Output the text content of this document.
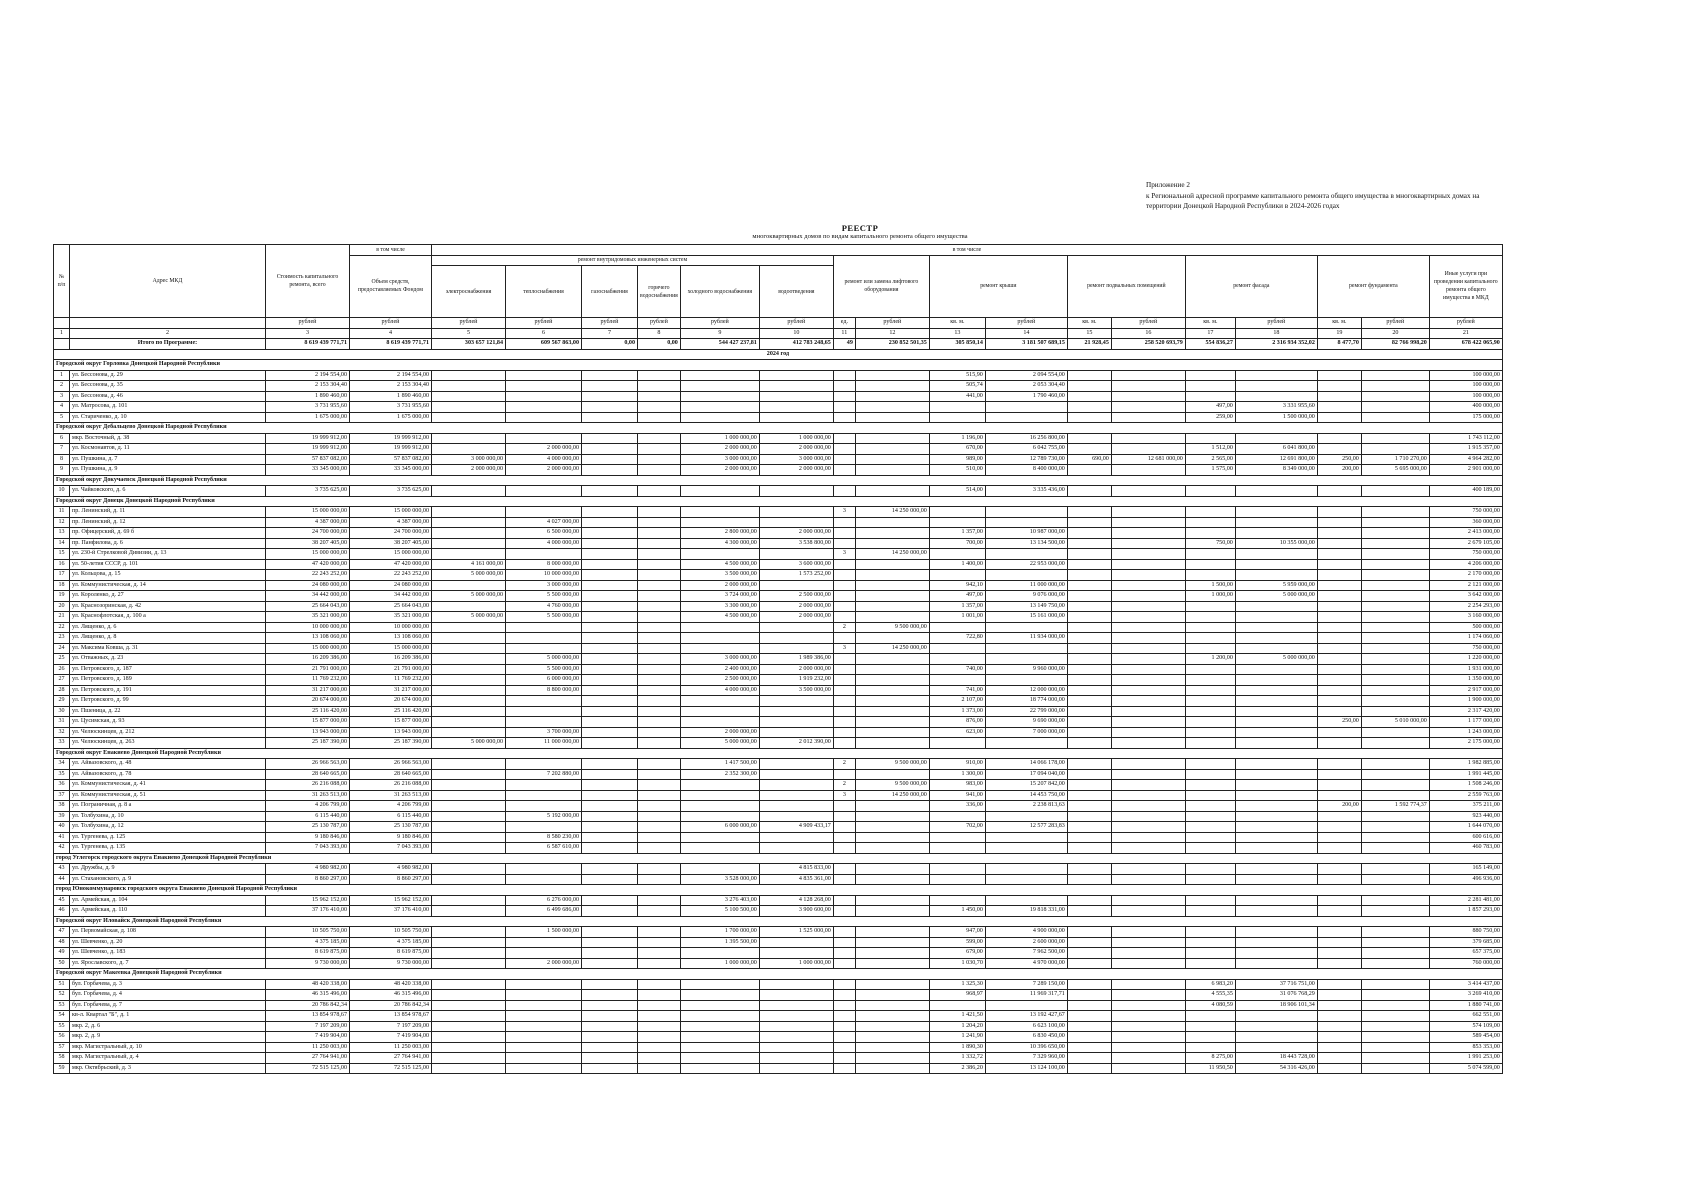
Приложение 2
к Региональной адресной программе капитального ремонта общего имущества в многоквартирных домах на
территории Донецкой Народной Республики в 2024-2026 годах
РЕЕСТР
многоквартирных домов по видам капитального ремонта общего имущества
№ п/п	Адрес МКД	Стоимость капитального ремонта, всего	в том числе	в том числе																
			Объем средств, предоставляемых Фондом	ремонт внутридомовых инженерных систем						ремонт или замена лифтового оборудования		ремонт крыши		ремонт подвальных помещений		ремонт фасада		ремонт фундамента		Иные услуги при проведении капитального ремонта общего имущества в МКД
				электроснабжения	теплоснабжения	газоснабжения	горячего водоснабжения	холодного водоснабжения	водоотведения											
		рублей	рублей	рублей	рублей	рублей	рублей	рублей	рублей	ед.	рублей	кв. м.	рублей	кв. м.	рублей	кв. м.	рублей	кв. м.	рублей	рублей
1	2	3	4	5	6	7	8	9	10	11	12	13	14	15	16	17	18	19	20	21
	Итого по Программе:	8 619 439 771,71	8 619 439 771,71	303 657 121,84	609 567 863,00	0,00	0,00	544 427 237,81	412 783 248,65	49	230 852 501,35	305 850,14	3 181 507 689,15	21 928,45	258 520 693,79	554 836,27	2 316 934 352,02	8 477,70	82 766 998,20	678 422 065,90
2024 год																				
Городской округ Горловка Донецкой Народной Республики																				
1	ул. Бессонова, д. 29	2 194 554,00	2 194 554,00									515,90	2 094 554,00							100 000,00
2	ул. Бессонова, д. 35	2 153 304,40	2 153 304,40									505,74	2 053 304,40							100 000,00
3	ул. Бессонова, д. 46	1 890 460,00	1 890 460,00									441,00	1 790 460,00							100 000,00
4	ул. Матросова, д. 101	3 731 955,60	3 731 955,60													497,00	3 331 955,60			400 000,00
5	ул. Стариченко, д. 10	1 675 000,00	1 675 000,00													259,00	1 500 000,00			175 000,00
Городской округ Дебальцево Донецкой Народной Республики																				
6	мкр. Восточный, д. 38	19 999 912,00	19 999 912,00					1 000 000,00	1 000 000,00			1 196,00	16 256 800,00							1 743 112,00
7	ул. Космонавтов, д. 11	19 999 912,00	19 999 912,00		2 000 000,00			2 000 000,00	2 000 000,00			670,00	6 042 755,00			1 512,00	6 041 800,00			1 915 357,00
8	ул. Пушкина, д. 7	57 837 082,00	57 837 082,00	3 000 000,00	4 000 000,00			3 000 000,00	3 000 000,00			989,00	12 789 730,00	690,00	12 681 000,00	2 565,00	12 691 800,00	250,00	1 710 270,00	4 964 282,00
9	ул. Пушкина, д. 9	33 345 000,00	33 345 000,00	2 000 000,00	2 000 000,00			2 000 000,00	2 000 000,00			510,00	8 400 000,00			1 575,00	8 349 000,00	200,00	5 695 000,00	2 901 000,00
Городской округ Докучаевск Донецкой Народной Республики																				
10	ул. Чайковского, д. 6	3 735 625,00	3 735 625,00									514,00	3 335 436,00							400 189,00
Городской округ Донецк Донецкой Народной Республики																				
11	пр. Ленинский, д. 11	15 000 000,00	15 000 000,00							3	14 250 000,00									750 000,00
12	пр. Ленинский, д. 12	4 387 000,00	4 387 000,00		4 027 000,00															360 000,00
13	пр. Офицерский, д. 69 б	24 700 000,00	24 700 000,00		6 500 000,00			2 800 000,00	2 000 000,00			1 357,00	10 987 000,00							2 413 000,00
14	пр. Панфилова, д. 6	38 207 405,00	38 207 405,00		4 000 000,00			4 300 000,00	3 538 800,00			700,00	13 134 500,00			750,00	10 355 000,00			2 679 105,00
15	ул. 230-й Стрелковой Дивизии, д. 13	15 000 000,00	15 000 000,00							3	14 250 000,00									750 000,00
16	ул. 50-летия СССР, д. 101	47 420 000,00	47 420 000,00	4 161 000,00	8 000 000,00			4 500 000,00	3 600 000,00			1 400,00	22 953 000,00							4 206 000,00
17	ул. Кольцова, д. 15	22 243 252,00	22 243 252,00	5 000 000,00	10 000 000,00			3 500 000,00	1 573 252,00											2 170 000,00
18	ул. Коммунистическая, д. 14	24 080 000,00	24 080 000,00		3 000 000,00			2 000 000,00				942,10	11 000 000,00			1 500,00	5 959 000,00			2 121 000,00
19	ул. Короленко, д. 27	34 442 000,00	34 442 000,00	5 000 000,00	5 500 000,00			3 724 000,00	2 500 000,00			497,00	9 076 000,00			1 000,00	5 000 000,00			3 642 000,00
20	ул. Краснозоринская, д. 42	25 664 043,00	25 664 043,00		4 760 000,00			3 300 000,00	2 000 000,00			1 357,00	13 149 750,00							2 254 293,00
21	ул. Краснофлотская, д. 100 а	35 321 000,00	35 321 000,00	5 000 000,00	5 500 000,00			4 500 000,00	2 000 000,00			1 001,00	15 161 000,00							3 160 000,00
22	ул. Лященко, д. 6	10 000 000,00	10 000 000,00							2	9 500 000,00									500 000,00
23	ул. Лященко, д. 8	13 108 060,00	13 108 060,00									722,80	11 934 000,00							1 174 060,00
24	ул. Максима Ковша, д. 31	15 000 000,00	15 000 000,00							3	14 250 000,00									750 000,00
25	ул. Отважных, д. 23	16 209 386,00	16 209 386,00		5 000 000,00			3 000 000,00	1 989 386,00							1 200,00	5 000 000,00			1 220 000,00
26	ул. Петровского, д. 187	21 791 000,00	21 791 000,00		5 500 000,00			2 400 000,00	2 000 000,00			740,00	9 960 000,00							1 931 000,00
27	ул. Петровского, д. 189	11 769 232,00	11 769 232,00		6 000 000,00			2 500 000,00	1 919 232,00											1 350 000,00
28	ул. Петровского, д. 191	31 217 000,00	31 217 000,00		8 800 000,00			4 000 000,00	3 500 000,00			741,00	12 000 000,00							2 917 000,00
29	ул. Петровского, д. 99	20 674 000,00	20 674 000,00									2 107,00	18 774 000,00							1 900 000,00
30	ул. Пшеница, д. 22	25 116 420,00	25 116 420,00									1 373,00	22 799 000,00							2 317 420,00
31	ул. Цусимская, д. 93	15 877 000,00	15 877 000,00									876,00	9 690 000,00					250,00	5 010 000,00	1 177 000,00
32	ул. Челюскинцев, д. 212	13 943 000,00	13 943 000,00		3 700 000,00			2 000 000,00				623,00	7 000 000,00							1 243 000,00
33	ул. Челюскинцев, д. 263	25 187 390,00	25 187 390,00	5 000 000,00	11 000 000,00			5 000 000,00	2 012 390,00											2 175 000,00
Городской округ Енакиево Донецкой Народной Республики																				
34	ул. Айвазовского, д. 48	26 966 563,00	26 966 563,00					1 417 500,00		2	9 500 000,00	910,00	14 066 178,00							1 982 885,00
35	ул. Айвазовского, д. 78	28 640 665,00	28 640 665,00		7 202 880,00			2 352 300,00				1 300,00	17 094 040,00							1 991 445,00
36	ул. Коммунистическая, д. 41	26 216 088,00	26 216 088,00							2	9 500 000,00	983,00	15 207 842,00							1 508 246,00
37	ул. Коммунистическая, д. 51	31 263 513,00	31 263 513,00							3	14 250 000,00	941,00	14 453 750,00							2 559 763,00
38	ул. Пограничная, д. 8 а	4 206 799,00	4 206 799,00									336,00	2 238 813,63					200,00	1 592 774,37	375 211,00
39	ул. Толбухина, д. 10	6 115 440,00	6 115 440,00		5 192 000,00															923 440,00
40	ул. Толбухина, д. 12	25 130 787,00	25 130 787,00					6 000 000,00	4 909 433,17			702,00	12 577 283,83							1 644 070,00
41	ул. Тургенева, д. 125	9 180 846,00	9 180 846,00		8 580 230,00															600 616,00
42	ул. Тургенева, д. 135	7 043 393,00	7 043 393,00		6 587 610,00															460 783,00
город Углегорск городского округа Енакиево Донецкой Народной Республики																				
43	ул. Дружбы, д. 9	4 980 982,00	4 980 982,00						4 815 833,00											165 149,00
44	ул. Стахановского, д. 9	8 860 297,00	8 860 297,00					3 528 000,00	4 835 361,00											496 936,00
город Юнокоммунаровск городского округа Енакиево Донецкой Народной Республики																				
45	ул. Армейская, д. 104	15 962 152,00	15 962 152,00		6 276 000,00			3 276 403,00	4 128 268,00											2 281 481,00
46	ул. Армейская, д. 110	37 176 410,00	37 176 410,00		6 499 686,00			5 100 500,00	3 900 600,00			1 450,00	19 818 331,00							1 857 293,00
Городской округ Иловайск Донецкой Народной Республики																				
47	ул. Первомайская, д. 108	10 505 750,00	10 505 750,00		1 500 000,00			1 700 000,00	1 525 000,00			947,00	4 900 000,00							880 750,00
48	ул. Шевченко, д. 20	4 375 185,00	4 375 185,00					1 395 500,00				599,00	2 600 000,00							379 685,00
49	ул. Шевченко, д. 183	8 619 875,00	8 619 875,00									679,00	7 962 500,00							657 375,00
50	ул. Ярославского, д. 7	9 730 000,00	9 730 000,00		2 000 000,00			1 000 000,00	1 000 000,00			1 030,70	4 970 000,00							760 000,00
Городской округ Макеевка Донецкой Народной Республики																				
51	бул. Горбачева, д. 3	48 420 338,00	48 420 338,00									1 325,30	7 289 150,00			6 983,20	37 716 751,00			3 414 437,00
52	бул. Горбачева, д. 4	46 315 496,00	46 315 496,00									968,97	11 969 317,71			4 555,35	31 076 768,29			3 269 410,00
53	бул. Горбачева, д. 7	20 786 842,34	20 786 842,34													4 080,59	18 906 101,34			1 880 741,00
54	кв-л. Квартал "Б", д. 1	13 854 978,67	13 854 978,67									1 421,50	13 192 427,67							662 551,00
55	мкр. 2, д. 6	7 197 209,00	7 197 209,00									1 204,20	6 623 100,00							574 109,00
56	мкр. 2, д. 9	7 419 904,00	7 419 904,00									1 241,90	6 830 450,00							589 454,00
57	мкр. Магистральный, д. 10	11 250 003,00	11 250 003,00									1 890,30	10 396 650,00							853 353,00
58	мкр. Магистральный, д. 4	27 764 941,00	27 764 941,00									1 332,72	7 329 960,00			8 275,00	18 443 728,00			1 991 253,00
59	мкр. Октябрьский, д. 3	72 515 125,00	72 515 125,00									2 386,20	13 124 100,00			11 950,50	54 316 426,00			5 074 599,00
